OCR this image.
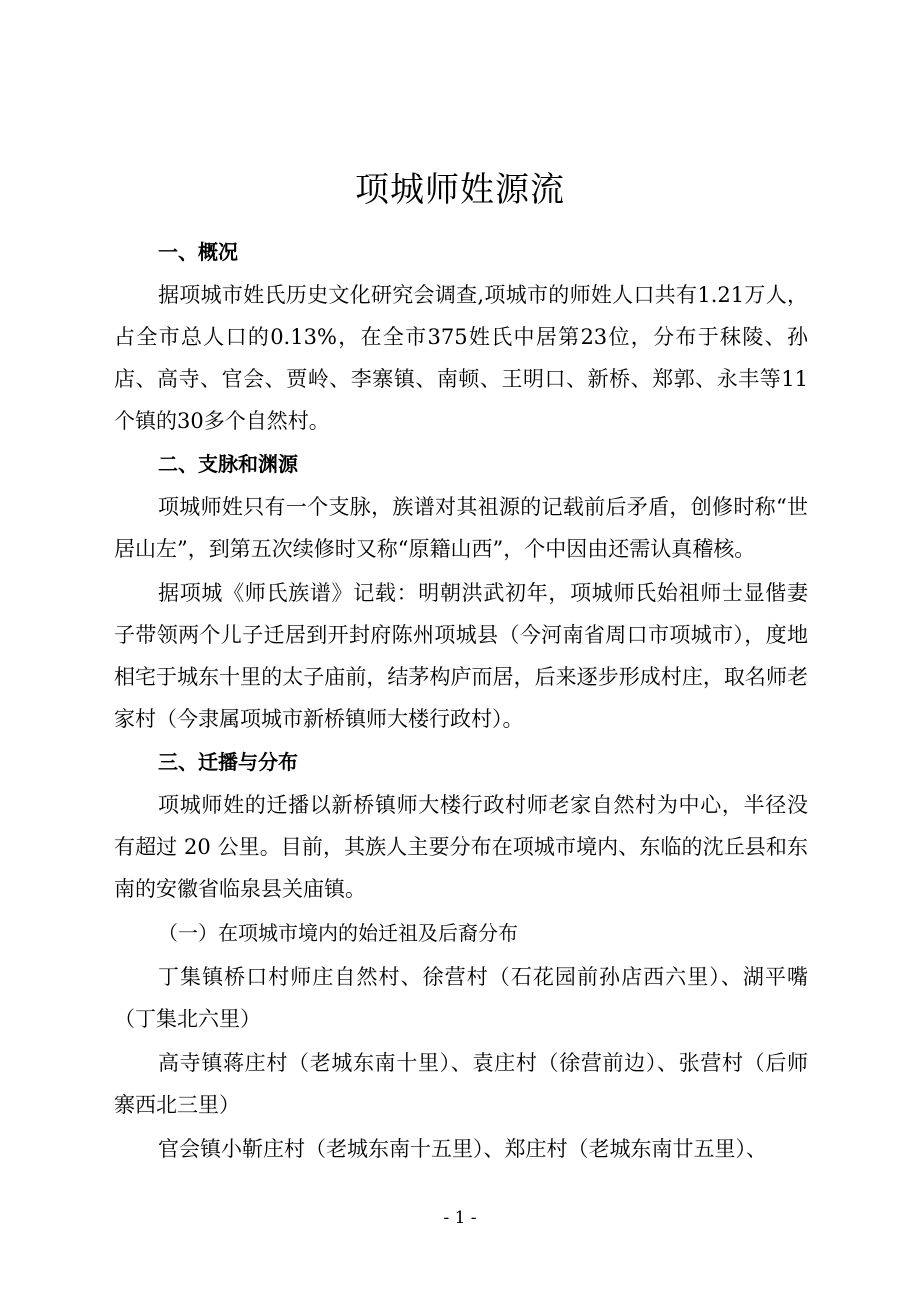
项城师姓源流
一、概况

据项城市姓氏历史文化研究会调查,项城市的师姓人口共有1.21万人，占全市总人口的0.13%，在全市375姓氏中居第23位，分布于秣陵、孙店、高寺、官会、贾岭、李寨镇、南顿、王明口、新桥、郑郭、永丰等11个镇的30多个自然村。

二、支脉和渊源

项城师姓只有一个支脉，族谱对其祖源的记载前后矛盾，创修时称“世居山左”，到第五次续修时又称“原籍山西”，个中因由还需认真稽核。

据项城《师氏族谱》记载：明朝洪武初年，项城师氏始祖师士显偕妻子带领两个儿子迁居到开封府陈州项城县（今河南省周口市项城市），度地相宅于城东十里的太子庙前，结茅构庐而居，后来逐步形成村庄，取名师老家村（今隶属项城市新桥镇师大楼行政村）。

三、迁播与分布

项城师姓的迁播以新桥镇师大楼行政村师老家自然村为中心，半径没有超过 20 公里。目前，其族人主要分布在项城市境内、东临的沈丘县和东南的安徽省临泉县关庙镇。

（一）在项城市境内的始迁祖及后裔分布

丁集镇桥口村师庄自然村、徐营村（石花园前孙店西六里）、湖平嘴（丁集北六里）

高寺镇蒋庄村（老城东南十里）、袁庄村（徐营前边）、张营村（后师寨西北三里）

官会镇小靳庄村（老城东南十五里）、郑庄村（老城东南廿五里）、

- 1 -
